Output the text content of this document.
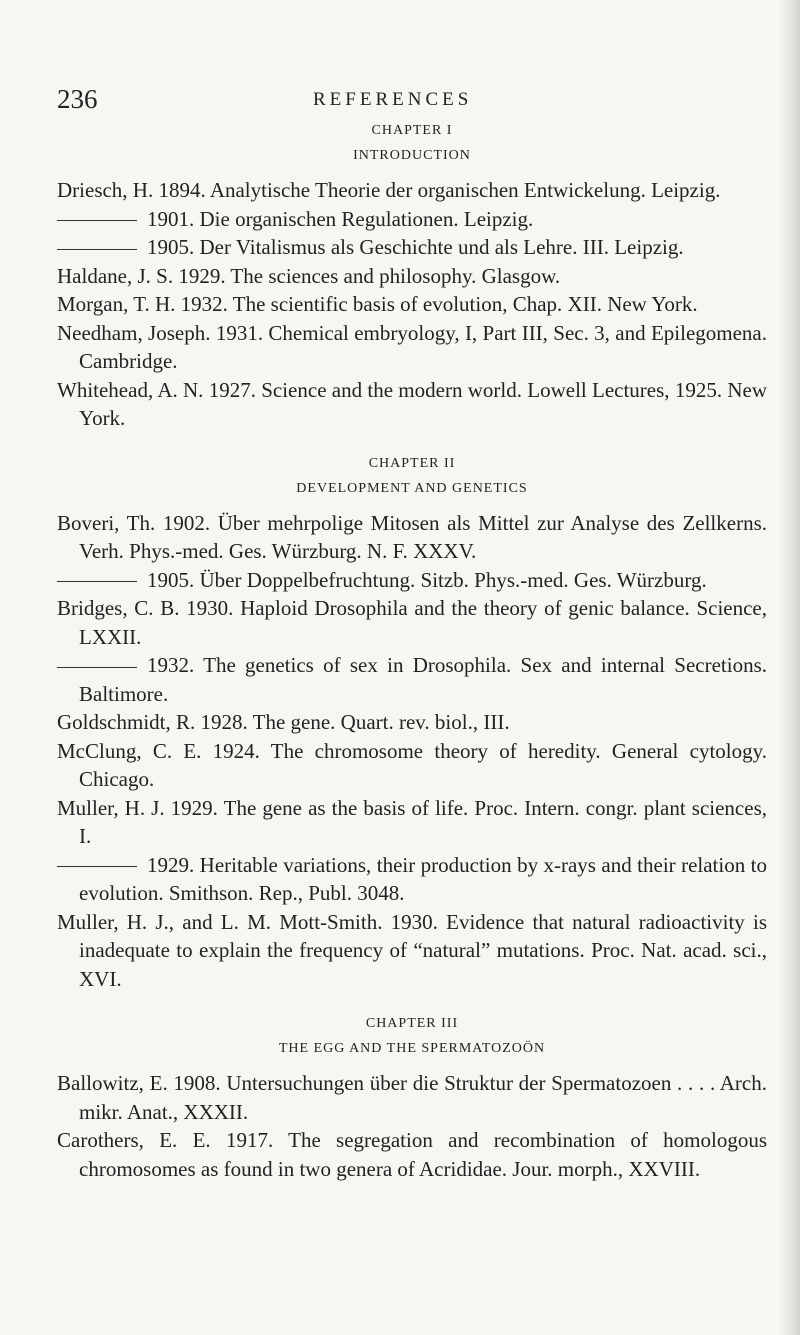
236	REFERENCES
CHAPTER I
INTRODUCTION
Driesch, H. 1894. Analytische Theorie der organischen Entwickelung. Leipzig.
1901. Die organischen Regulationen. Leipzig.
1905. Der Vitalismus als Geschichte und als Lehre. III. Leipzig.
Haldane, J. S. 1929. The sciences and philosophy. Glasgow.
Morgan, T. H. 1932. The scientific basis of evolution, Chap. XII. New York.
Needham, Joseph. 1931. Chemical embryology, I, Part III, Sec. 3, and Epilegomena. Cambridge.
Whitehead, A. N. 1927. Science and the modern world. Lowell Lectures, 1925. New York.
CHAPTER II
DEVELOPMENT AND GENETICS
Boveri, Th. 1902. Über mehrpolige Mitosen als Mittel zur Analyse des Zellkerns. Verh. Phys.-med. Ges. Würzburg. N. F. XXXV.
1905. Über Doppelbefruchtung. Sitzb. Phys.-med. Ges. Würzburg.
Bridges, C. B. 1930. Haploid Drosophila and the theory of genic balance. Science, LXXII.
1932. The genetics of sex in Drosophila. Sex and internal Secretions. Baltimore.
Goldschmidt, R. 1928. The gene. Quart. rev. biol., III.
McClung, C. E. 1924. The chromosome theory of heredity. General cytology. Chicago.
Muller, H. J. 1929. The gene as the basis of life. Proc. Intern. congr. plant sciences, I.
1929. Heritable variations, their production by x-rays and their relation to evolution. Smithson. Rep., Publ. 3048.
Muller, H. J., and L. M. Mott-Smith. 1930. Evidence that natural radioactivity is inadequate to explain the frequency of “natural” mutations. Proc. Nat. acad. sci., XVI.
CHAPTER III
THE EGG AND THE SPERMATOZOÖN
Ballowitz, E. 1908. Untersuchungen über die Struktur der Spermatozoen . . . . Arch. mikr. Anat., XXXII.
Carothers, E. E. 1917. The segregation and recombination of homologous chromosomes as found in two genera of Acrididae. Jour. morph., XXVIII.
